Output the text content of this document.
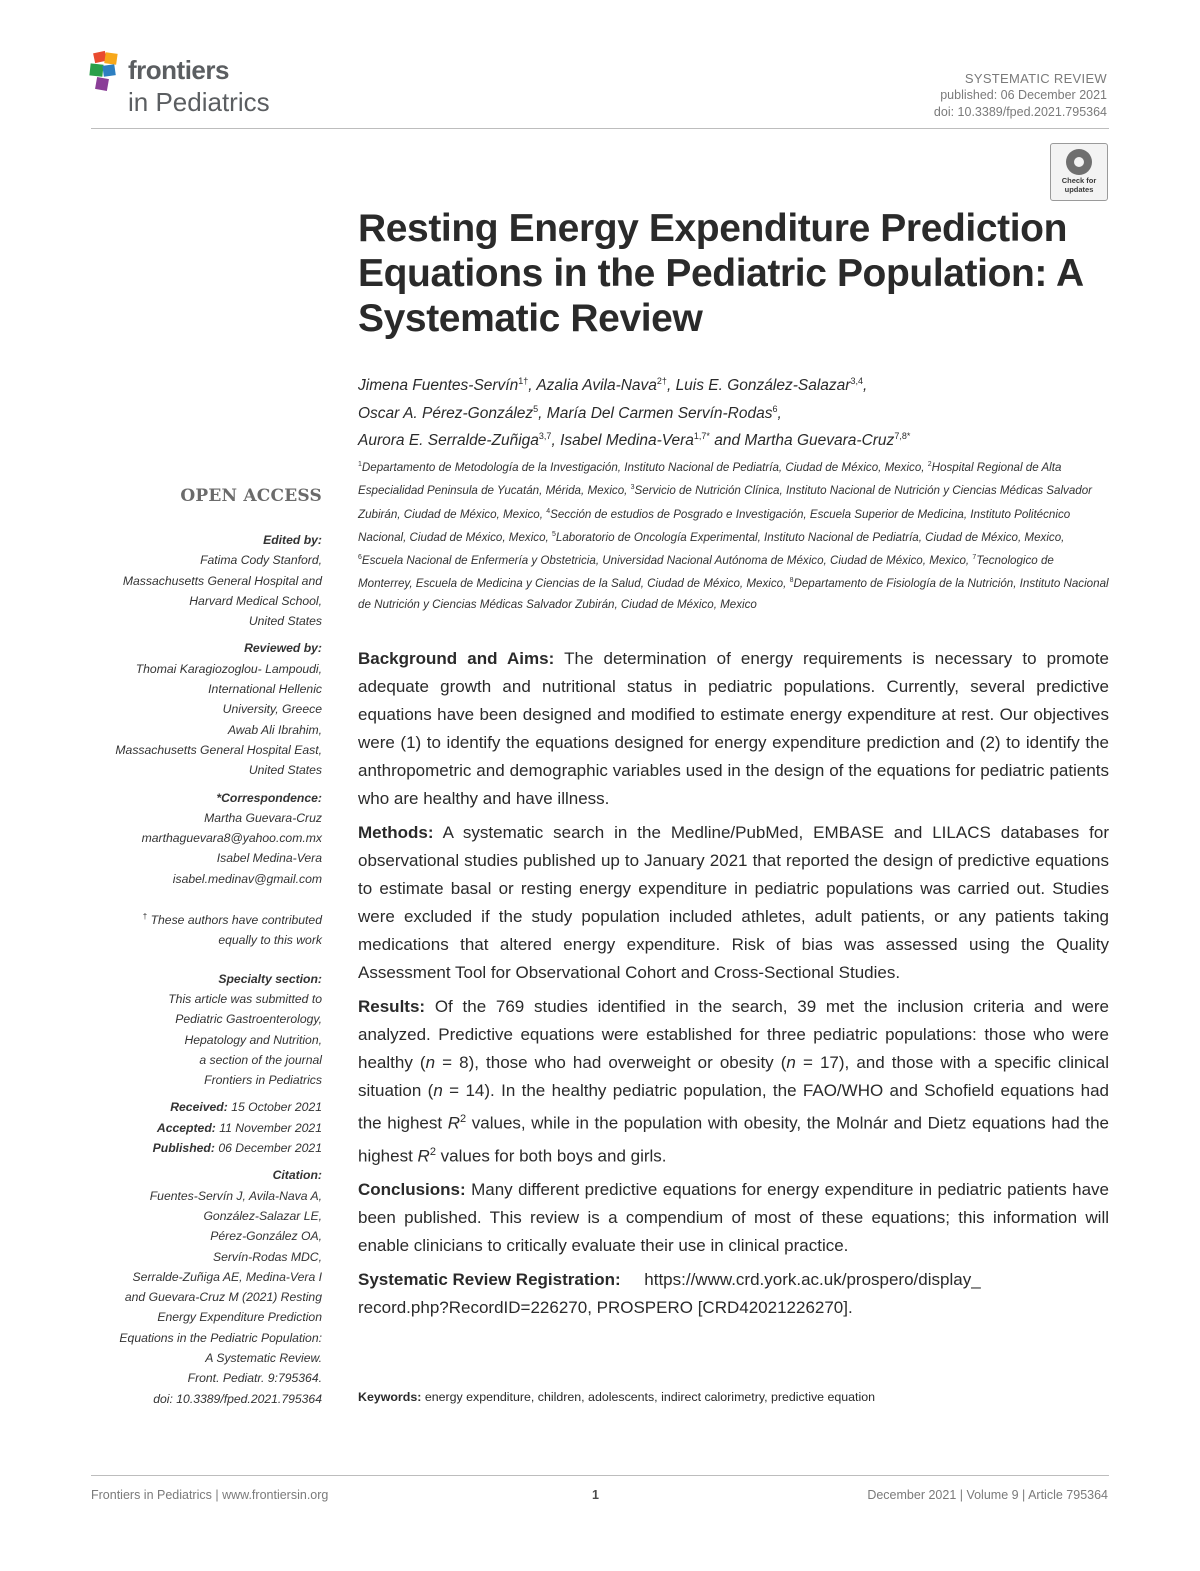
frontiers
in Pediatrics
SYSTEMATIC REVIEW
published: 06 December 2021
doi: 10.3389/fped.2021.795364
Check for
updates
Resting Energy Expenditure Prediction Equations in the Pediatric Population: A Systematic Review
Jimena Fuentes-Servín$^{1\dagger}$, Azalia Avila-Nava$^{2\dagger}$, Luis E. González-Salazar$^{3,4}$,
Oscar A. Pérez-González$^5$, María Del Carmen Servín-Rodas$^6$,
Aurora E. Serralde-Zuñiga$^{3,7}$, Isabel Medina-Vera$^{1,7*}$ and Martha Guevara-Cruz$^{7,8*}$
$^1$Departamento de Metodología de la Investigación, Instituto Nacional de Pediatría, Ciudad de México, Mexico, $^2$Hospital Regional de Alta Especialidad Peninsula de Yucatán, Mérida, Mexico, $^3$Servicio de Nutrición Clínica, Instituto Nacional de Nutrición y Ciencias Médicas Salvador Zubirán, Ciudad de México, Mexico, $^4$Sección de estudios de Posgrado e Investigación, Escuela Superior de Medicina, Instituto Politécnico Nacional, Ciudad de México, Mexico, $^5$Laboratorio de Oncología Experimental, Instituto Nacional de Pediatría, Ciudad de México, Mexico, $^6$Escuela Nacional de Enfermería y Obstetricia, Universidad Nacional Autónoma de México, Ciudad de México, Mexico, $^7$Tecnologico de Monterrey, Escuela de Medicina y Ciencias de la Salud, Ciudad de México, Mexico, $^8$Departamento de Fisiología de la Nutrición, Instituto Nacional de Nutrición y Ciencias Médicas Salvador Zubirán, Ciudad de México, Mexico
OPEN ACCESS
Edited by:
Fatima Cody Stanford,
Massachusetts General Hospital and
Harvard Medical School,
United States
Reviewed by:
Thomai Karagiozoglou- Lampoudi,
International Hellenic
University, Greece
Awab Ali Ibrahim,
Massachusetts General Hospital East,
United States
*Correspondence:
Martha Guevara-Cruz
marthaguevara8@yahoo.com.mx
Isabel Medina-Vera
isabel.medinav@gmail.com
† These authors have contributed
equally to this work
Specialty section:
This article was submitted to
Pediatric Gastroenterology,
Hepatology and Nutrition,
a section of the journal
Frontiers in Pediatrics
Received: 15 October 2021
Accepted: 11 November 2021
Published: 06 December 2021
Citation:
Fuentes-Servín J, Avila-Nava A,
González-Salazar LE,
Pérez-González OA,
Servín-Rodas MDC,
Serralde-Zuñiga AE, Medina-Vera I
and Guevara-Cruz M (2021) Resting
Energy Expenditure Prediction
Equations in the Pediatric Population:
A Systematic Review.
Front. Pediatr. 9:795364.
doi: 10.3389/fped.2021.795364

Background and Aims: The determination of energy requirements is necessary to promote adequate growth and nutritional status in pediatric populations. Currently, several predictive equations have been designed and modified to estimate energy expenditure at rest. Our objectives were (1) to identify the equations designed for energy expenditure prediction and (2) to identify the anthropometric and demographic variables used in the design of the equations for pediatric patients who are healthy and have illness.

Methods: A systematic search in the Medline/PubMed, EMBASE and LILACS databases for observational studies published up to January 2021 that reported the design of predictive equations to estimate basal or resting energy expenditure in pediatric populations was carried out. Studies were excluded if the study population included athletes, adult patients, or any patients taking medications that altered energy expenditure. Risk of bias was assessed using the Quality Assessment Tool for Observational Cohort and Cross-Sectional Studies.

Results: Of the 769 studies identified in the search, 39 met the inclusion criteria and were analyzed. Predictive equations were established for three pediatric populations: those who were healthy (n = 8), those who had overweight or obesity (n = 17), and those with a specific clinical situation (n = 14). In the healthy pediatric population, the FAO/WHO and Schofield equations had the highest $R^2$ values, while in the population with obesity, the Molnár and Dietz equations had the highest $R^2$ values for both boys and girls.

Conclusions: Many different predictive equations for energy expenditure in pediatric patients have been published. This review is a compendium of most of these equations; this information will enable clinicians to critically evaluate their use in clinical practice.

Systematic Review Registration: https://www.crd.york.ac.uk/prospero/display_
record.php?RecordID=226270, PROSPERO [CRD42021226270].

Keywords: energy expenditure, children, adolescents, indirect calorimetry, predictive equation
Frontiers in Pediatrics | www.frontiersin.org	1	December 2021 | Volume 9 | Article 795364
